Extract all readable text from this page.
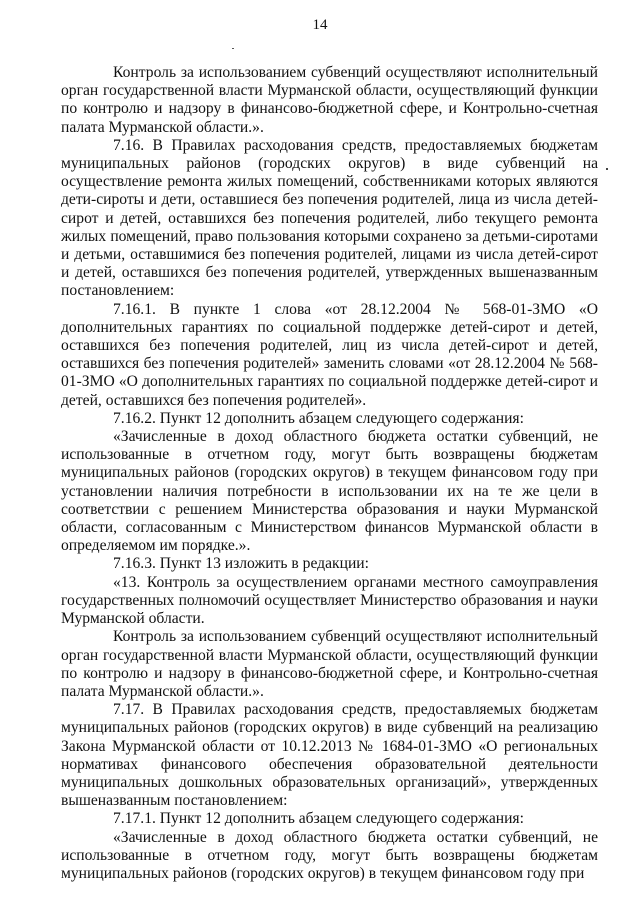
14

Контроль за использованием субвенций осуществляют исполнительный орган государственной власти Мурманской области, осуществляющий функции по контролю и надзору в финансово-бюджетной сфере, и Контрольно-счетная палата Мурманской области.».

7.16. В Правилах расходования средств, предоставляемых бюджетам муниципальных районов (городских округов) в виде субвенций на осуществление ремонта жилых помещений, собственниками которых являются дети-сироты и дети, оставшиеся без попечения родителей, лица из числа детей-сирот и детей, оставшихся без попечения родителей, либо текущего ремонта жилых помещений, право пользования которыми сохранено за детьми-сиротами и детьми, оставшимися без попечения родителей, лицами из числа детей-сирот и детей, оставшихся без попечения родителей, утвержденных вышеназванным постановлением:

7.16.1. В пункте 1 слова «от 28.12.2004 № 568-01-ЗМО «О дополнительных гарантиях по социальной поддержке детей-сирот и детей, оставшихся без попечения родителей, лиц из числа детей-сирот и детей, оставшихся без попечения родителей» заменить словами «от 28.12.2004 № 568-01-ЗМО «О дополнительных гарантиях по социальной поддержке детей-сирот и детей, оставшихся без попечения родителей».

7.16.2. Пункт 12 дополнить абзацем следующего содержания:

«Зачисленные в доход областного бюджета остатки субвенций, не использованные в отчетном году, могут быть возвращены бюджетам муниципальных районов (городских округов) в текущем финансовом году при установлении наличия потребности в использовании их на те же цели в соответствии с решением Министерства образования и науки Мурманской области, согласованным с Министерством финансов Мурманской области в определяемом им порядке.».

7.16.3. Пункт 13 изложить в редакции:

«13. Контроль за осуществлением органами местного самоуправления государственных полномочий осуществляет Министерство образования и науки Мурманской области.

Контроль за использованием субвенций осуществляют исполнительный орган государственной власти Мурманской области, осуществляющий функции по контролю и надзору в финансово-бюджетной сфере, и Контрольно-счетная палата Мурманской области.».

7.17. В Правилах расходования средств, предоставляемых бюджетам муниципальных районов (городских округов) в виде субвенций на реализацию Закона Мурманской области от 10.12.2013 № 1684-01-ЗМО «О региональных нормативах финансового обеспечения образовательной деятельности муниципальных дошкольных образовательных организаций», утвержденных вышеназванным постановлением:

7.17.1. Пункт 12 дополнить абзацем следующего содержания:

«Зачисленные в доход областного бюджета остатки субвенций, не использованные в отчетном году, могут быть возвращены бюджетам муниципальных районов (городских округов) в текущем финансовом году при
